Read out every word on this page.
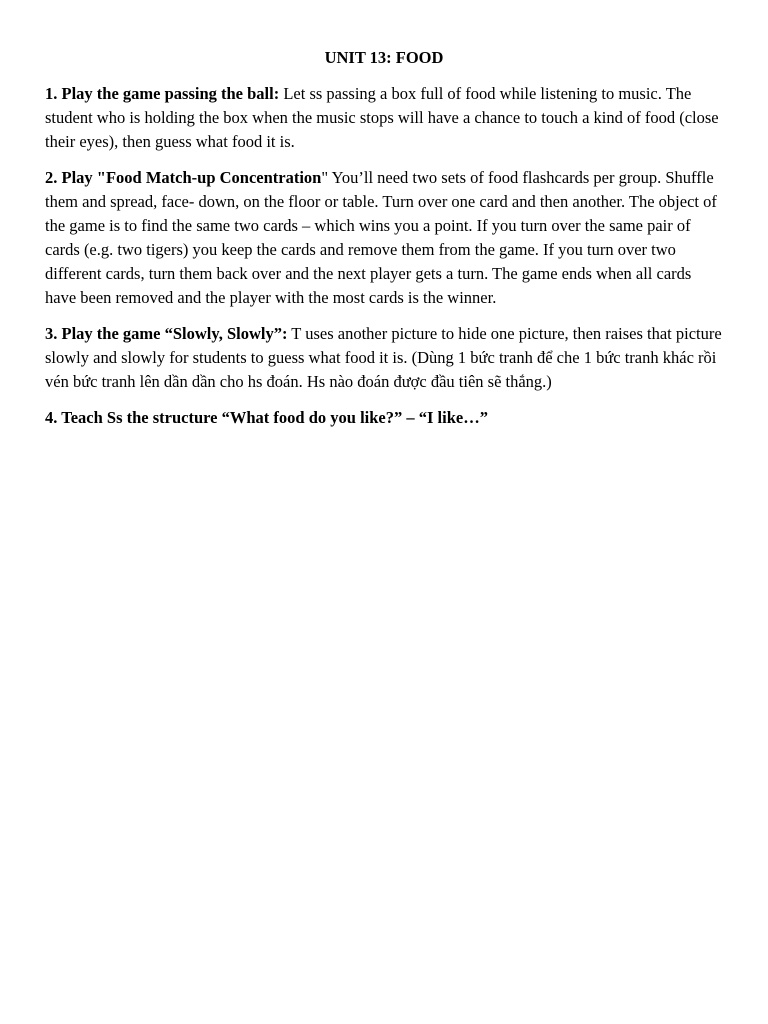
UNIT 13: FOOD

1. Play the game passing the ball: Let ss passing a box full of food while listening to music. The student who is holding the box when the music stops will have a chance to touch a kind of food (close their eyes), then guess what food it is.

2. Play "Food Match-up Concentration" You’ll need two sets of food flashcards per group. Shuffle them and spread, face- down, on the floor or table. Turn over one card and then another. The object of the game is to find the same two cards – which wins you a point. If you turn over the same pair of cards (e.g. two tigers) you keep the cards and remove them from the game. If you turn over two different cards, turn them back over and the next player gets a turn. The game ends when all cards have been removed and the player with the most cards is the winner.

3. Play the game “Slowly, Slowly”: T uses another picture to hide one picture, then raises that picture slowly and slowly for students to guess what food it is. (Dùng 1 bức tranh để che 1 bức tranh khác rồi vén bức tranh lên dần dần cho hs đoán. Hs nào đoán được đầu tiên sẽ thắng.)

4. Teach Ss the structure “What food do you like?” – “I like…”
